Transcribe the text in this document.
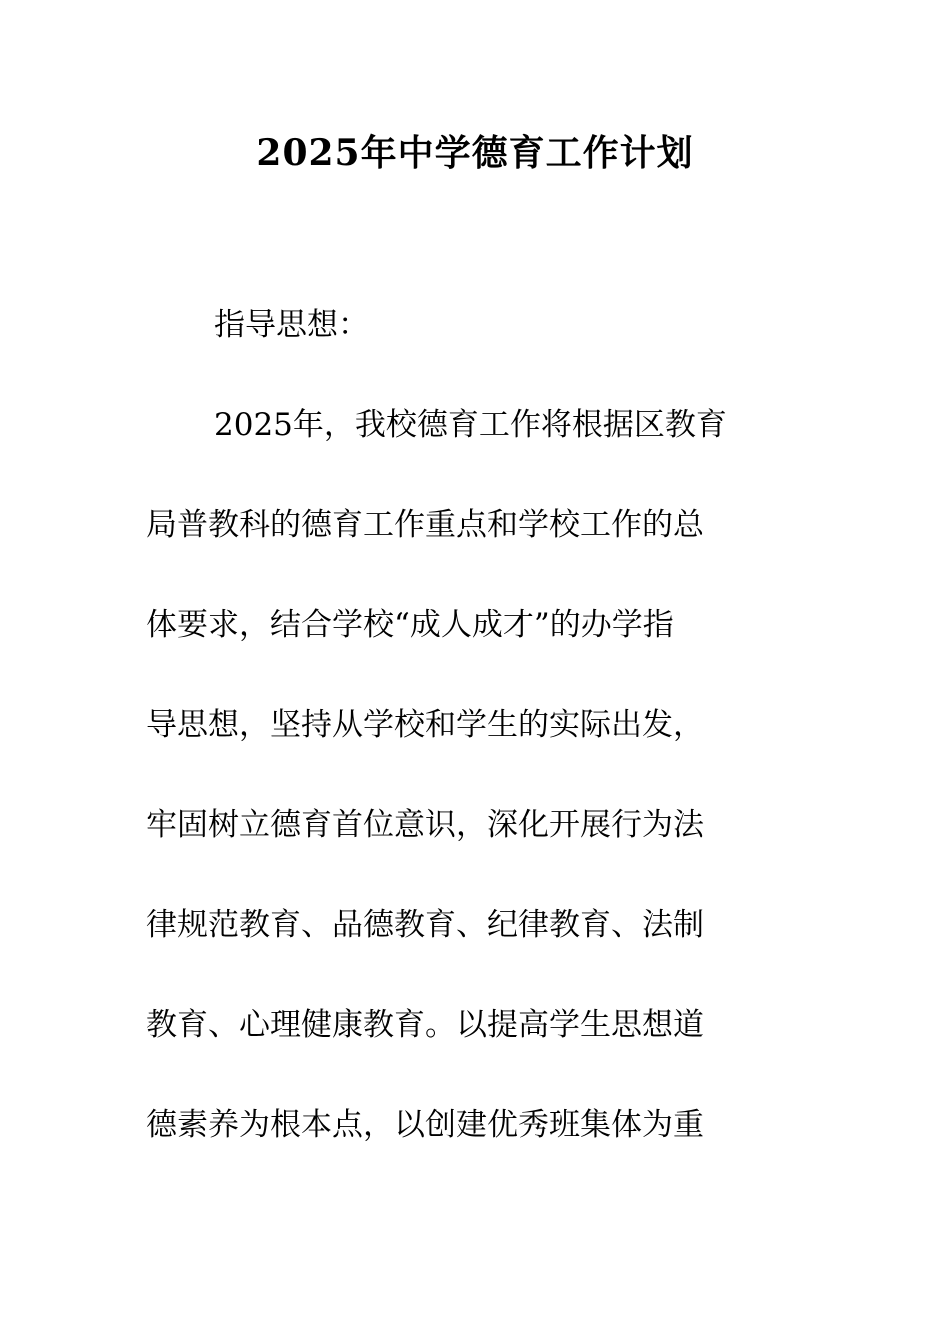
2025年中学德育工作计划

指导思想：

2025年，我校德育工作将根据区教育

局普教科的德育工作重点和学校工作的总

体要求，结合学校“成人成才”的办学指

导思想，坚持从学校和学生的实际出发，

牢固树立德育首位意识，深化开展行为法

律规范教育、品德教育、纪律教育、法制

教育、心理健康教育。以提高学生思想道

德素养为根本点，以创建优秀班集体为重
